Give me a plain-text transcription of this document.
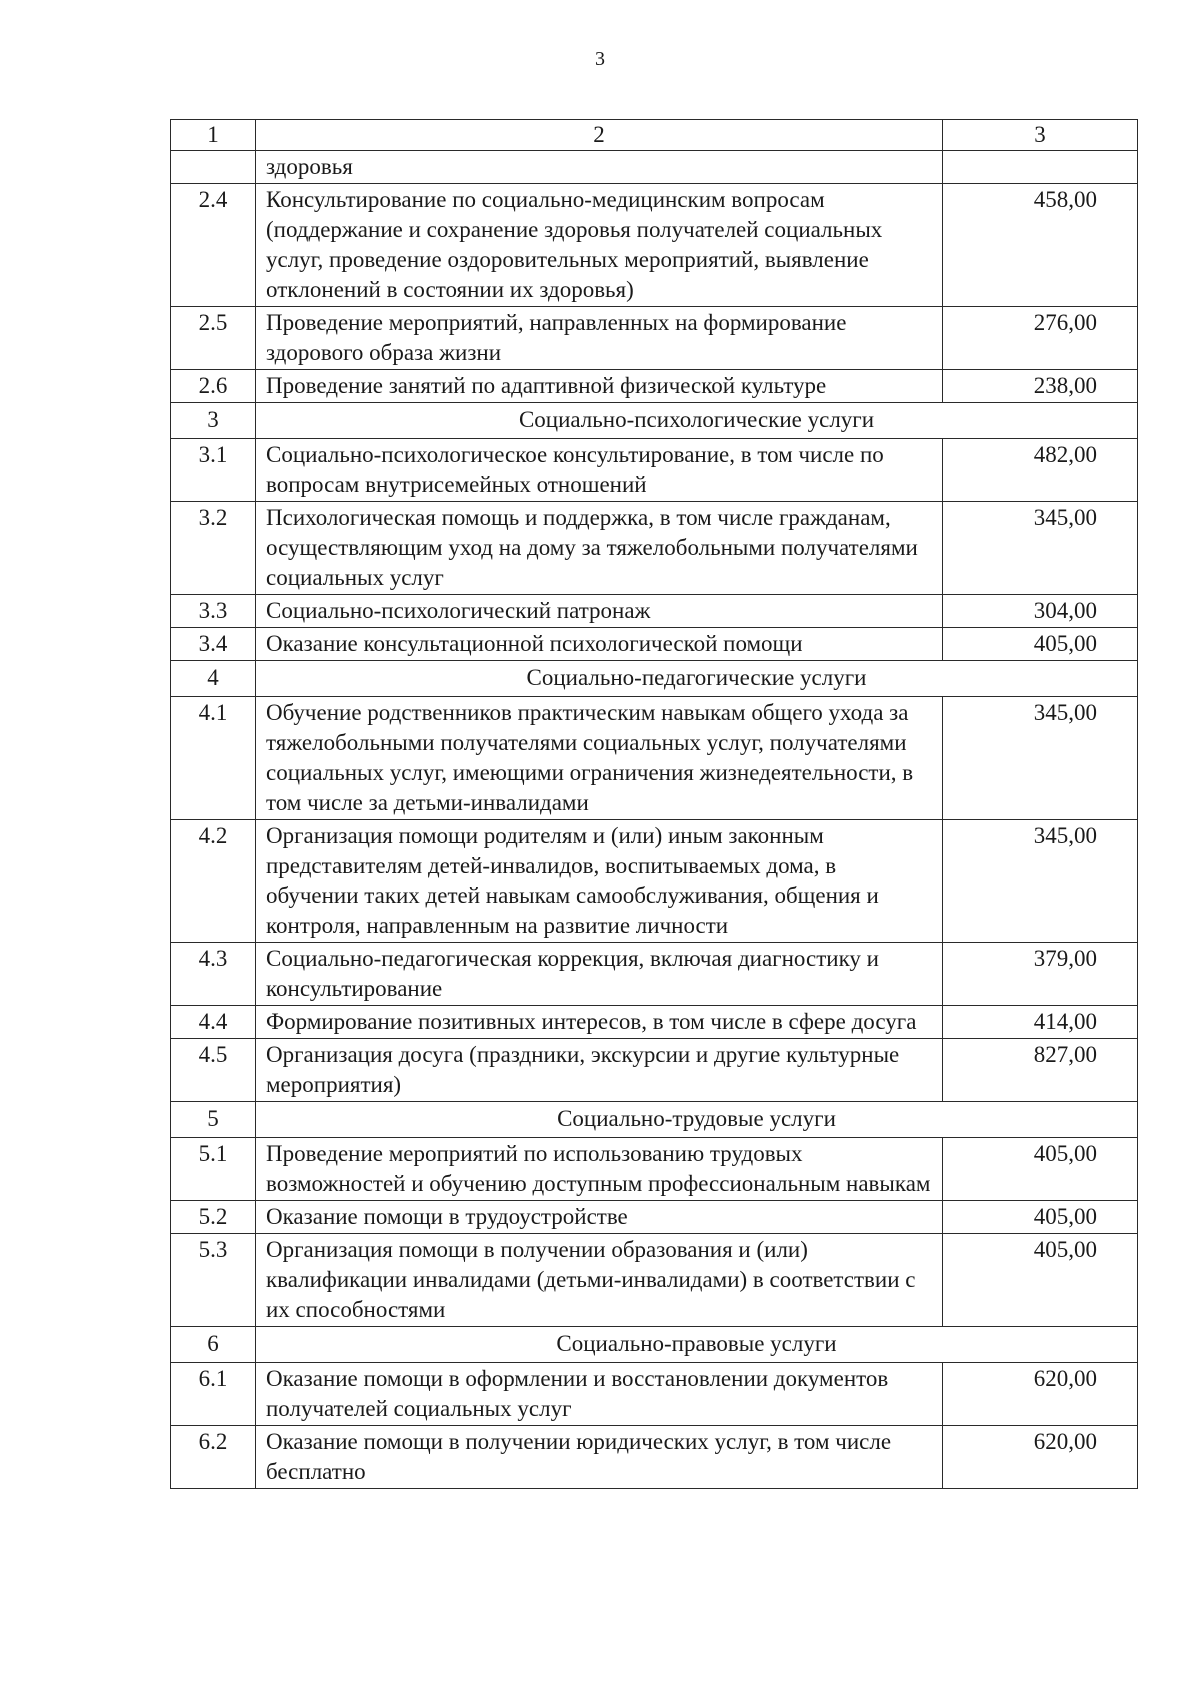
3
1	2	3
	здоровья	
2.4	Консультирование по социально-медицинским вопросам (поддержание и сохранение здоровья получателей социальных услуг, проведение оздоровительных мероприятий, выявление отклонений в состоянии их здоровья)	458,00
2.5	Проведение мероприятий, направленных на формирование здорового образа жизни	276,00
2.6	Проведение занятий по адаптивной физической культуре	238,00
3	Социально-психологические услуги	
3.1	Социально-психологическое консультирование, в том числе по вопросам внутрисемейных отношений	482,00
3.2	Психологическая помощь и поддержка, в том числе гражданам, осуществляющим уход на дому за тяжелобольными получателями социальных услуг	345,00
3.3	Социально-психологический патронаж	304,00
3.4	Оказание консультационной психологической помощи	405,00
4	Социально-педагогические услуги	
4.1	Обучение родственников практическим навыкам общего ухода за тяжелобольными получателями социальных услуг, получателями социальных услуг, имеющими ограничения жизнедеятельности, в том числе за детьми-инвалидами	345,00
4.2	Организация помощи родителям и (или) иным законным представителям детей-инвалидов, воспитываемых дома, в обучении таких детей навыкам самообслуживания, общения и контроля, направленным на развитие личности	345,00
4.3	Социально-педагогическая коррекция, включая диагностику и консультирование	379,00
4.4	Формирование позитивных интересов, в том числе в сфере досуга	414,00
4.5	Организация досуга (праздники, экскурсии и другие культурные мероприятия)	827,00
5	Социально-трудовые услуги	
5.1	Проведение мероприятий по использованию трудовых возможностей и обучению доступным профессиональным навыкам	405,00
5.2	Оказание помощи в трудоустройстве	405,00
5.3	Организация помощи в получении образования и (или) квалификации инвалидами (детьми-инвалидами) в соответствии с их способностями	405,00
6	Социально-правовые услуги	
6.1	Оказание помощи в оформлении и восстановлении документов получателей социальных услуг	620,00
6.2	Оказание помощи в получении юридических услуг, в том числе бесплатно	620,00
